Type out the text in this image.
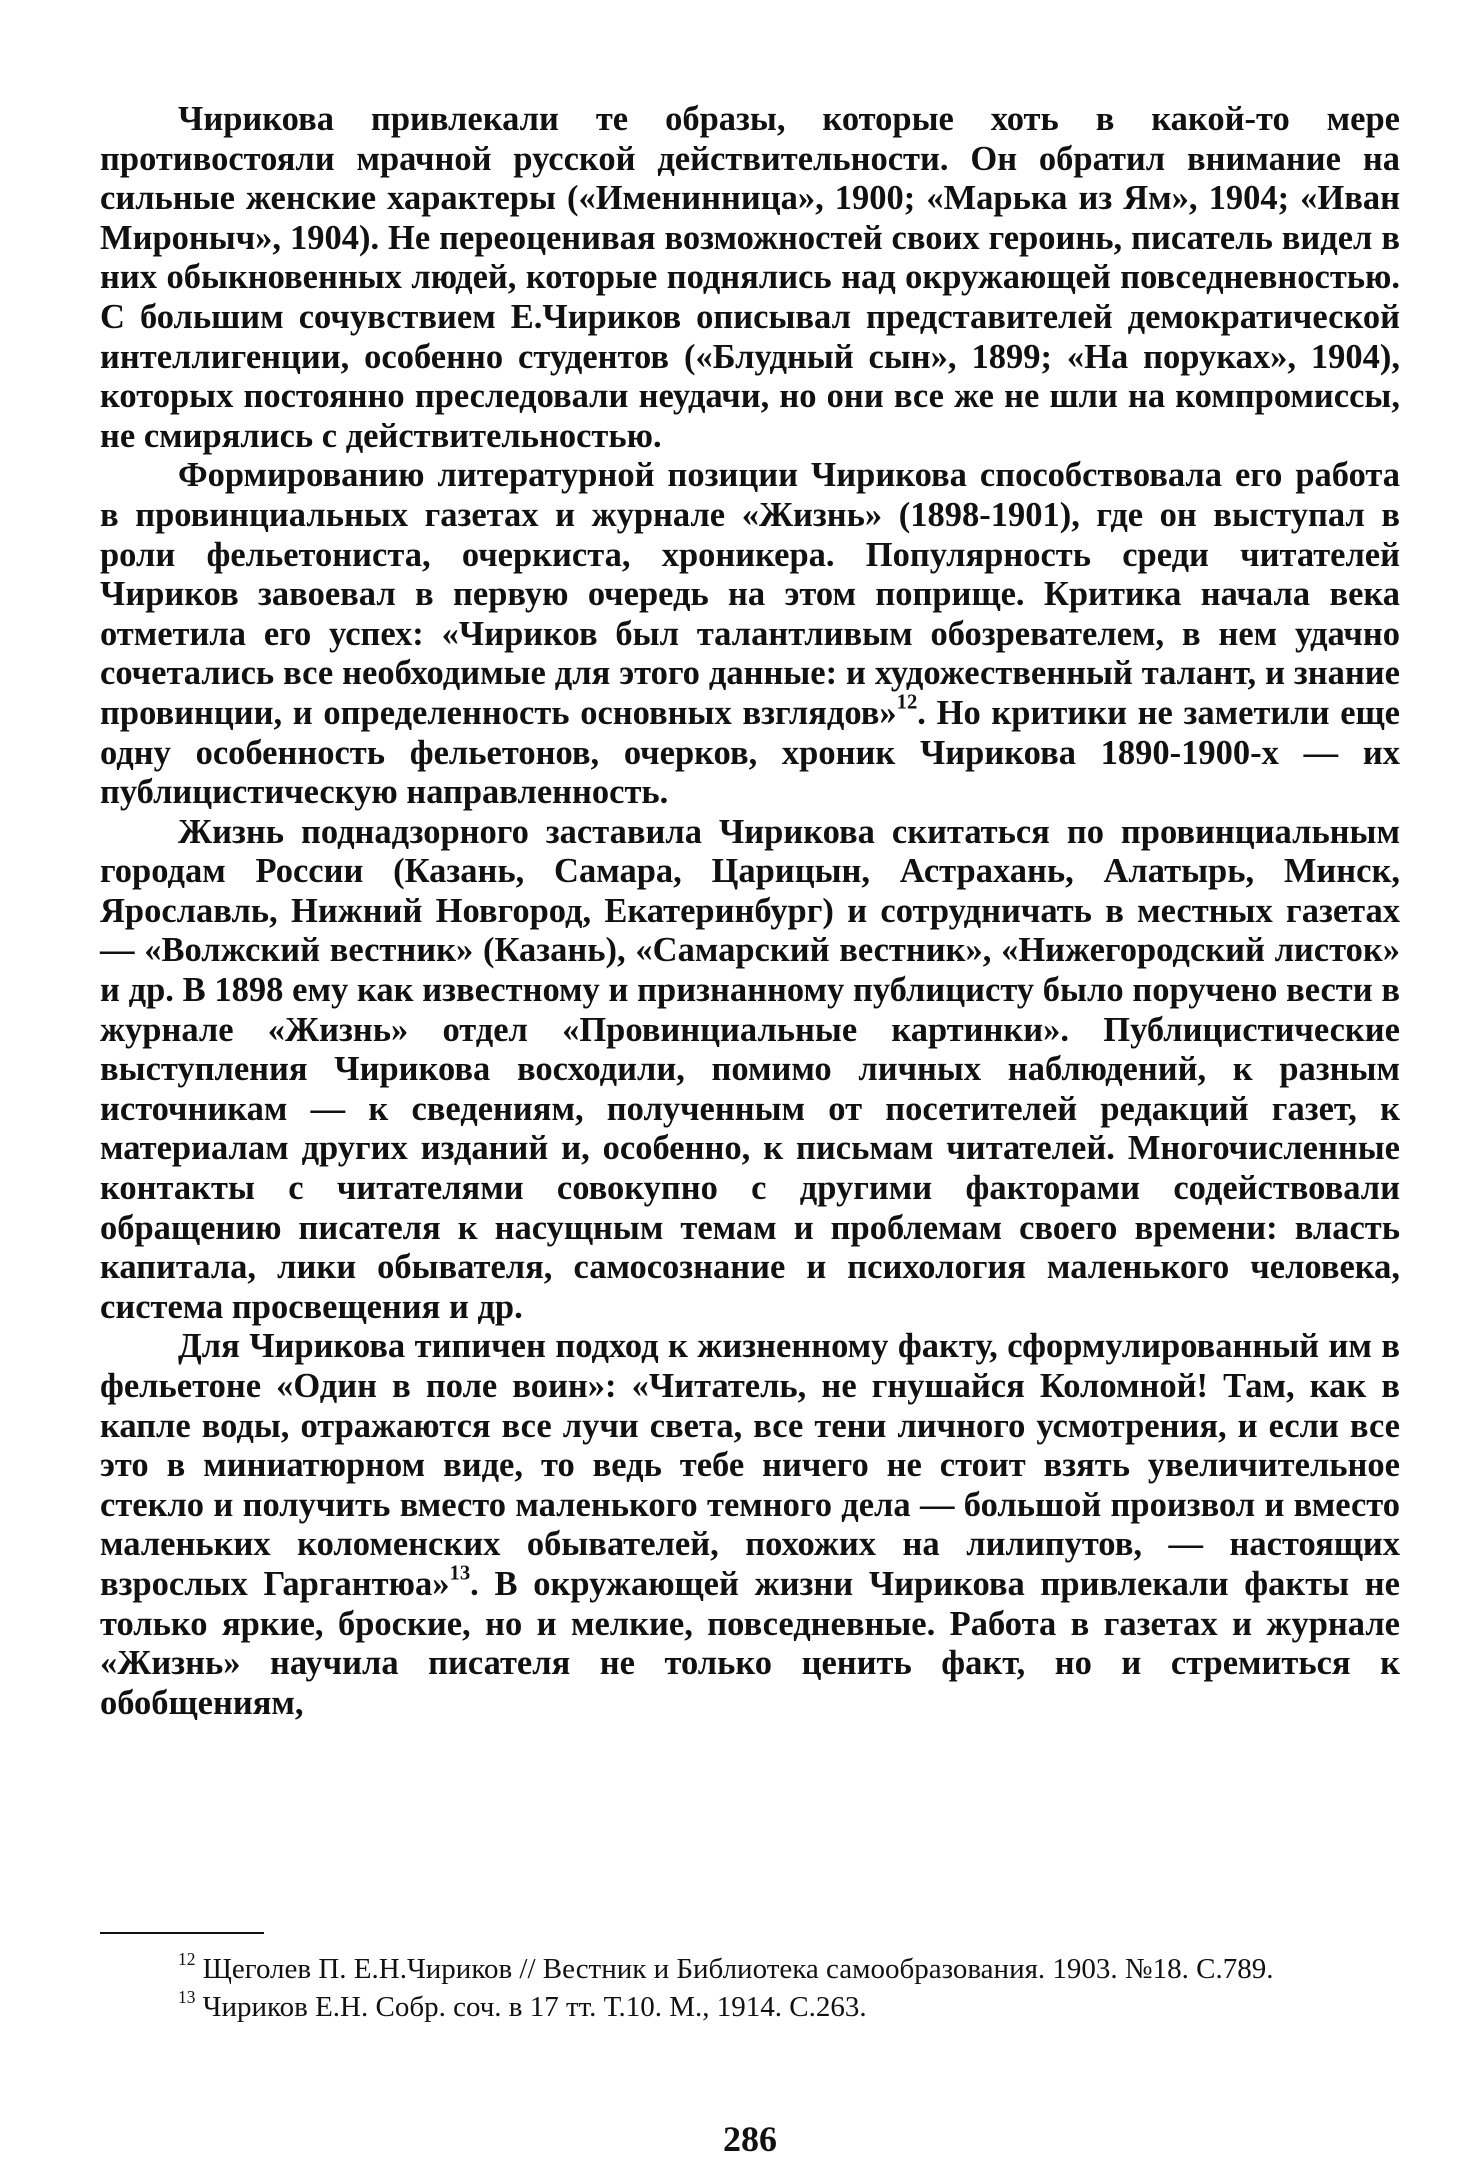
Чирикова привлекали те образы, которые хоть в какой-то мере противостояли мрачной русской действительности. Он обратил внимание на сильные женские характеры («Именинница», 1900; «Марька из Ям», 1904; «Иван Мироныч», 1904). Не переоценивая возможностей своих героинь, писатель видел в них обыкновенных людей, которые поднялись над окружающей повседневностью. С большим сочувствием Е.Чириков описывал представителей демократической интеллигенции, особенно студентов («Блудный сын», 1899; «На поруках», 1904), которых постоянно преследовали неудачи, но они все же не шли на компромиссы, не смирялись с действительностью.

Формированию литературной позиции Чирикова способствовала его работа в провинциальных газетах и журнале «Жизнь» (1898-1901), где он выступал в роли фельетониста, очеркиста, хроникера. Популярность среди читателей Чириков завоевал в первую очередь на этом поприще. Критика начала века отметила его успех: «Чириков был талантливым обозревателем, в нем удачно сочетались все необходимые для этого данные: и художественный талант, и знание провинции, и определенность основных взглядов»$^{12}$. Но критики не заметили еще одну особенность фельетонов, очерков, хроник Чирикова 1890-1900-х — их публицистическую направленность.

Жизнь поднадзорного заставила Чирикова скитаться по провинциальным городам России (Казань, Самара, Царицын, Астрахань, Алатырь, Минск, Ярославль, Нижний Новгород, Екатеринбург) и сотрудничать в местных газетах — «Волжский вестник» (Казань), «Самарский вестник», «Нижегородский листок» и др. В 1898 ему как известному и признанному публицисту было поручено вести в журнале «Жизнь» отдел «Провинциальные картинки». Публицистические выступления Чирикова восходили, помимо личных наблюдений, к разным источникам — к сведениям, полученным от посетителей редакций газет, к материалам других изданий и, особенно, к письмам читателей. Многочисленные контакты с читателями совокупно с другими факторами содействовали обращению писателя к насущным темам и проблемам своего времени: власть капитала, лики обывателя, самосознание и психология маленького человека, система просвещения и др.

Для Чирикова типичен подход к жизненному факту, сформулированный им в фельетоне «Один в поле воин»: «Читатель, не гнушайся Коломной! Там, как в капле воды, отражаются все лучи света, все тени личного усмотрения, и если все это в миниатюрном виде, то ведь тебе ничего не стоит взять увеличительное стекло и получить вместо маленького темного дела — большой произвол и вместо маленьких коломенских обывателей, похожих на лилипутов, — настоящих взрослых Гаргантюа»$^{13}$. В окружающей жизни Чирикова привлекали факты не только яркие, броские, но и мелкие, повседневные. Работа в газетах и журнале «Жизнь» научила писателя не только ценить факт, но и стремиться к обобщениям,

$^{12}$ Щеголев П. Е.Н.Чириков // Вестник и Библиотека самообразования. 1903. №18. С.789.

$^{13}$ Чириков Е.Н. Собр. соч. в 17 тт. Т.10. М., 1914. С.263.

286
